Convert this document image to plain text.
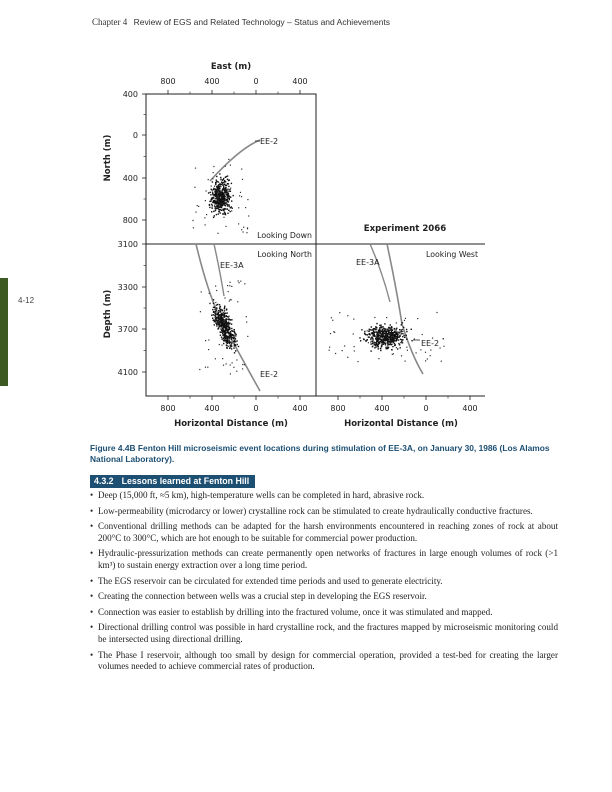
Chapter 4 Review of EGS and Related Technology – Status and Achievements
4-12
East (m)
800	400	0	400
North (m)
400
0
400
800
Depth (m)
3100
3300
3700
4100
800	400	0	400	800	400	0	400
Horizontal Distance (m)	Horizontal Distance (m)
Looking Down
Looking North	Looking West
Experiment 2066
EE-2
EE-3A
EE-2
EE-3A
EE-2
Figure 4.4B Fenton Hill microseismic event locations during stimulation of EE-3A, on January 30, 1986 (Los Alamos National Laboratory).
4.3.2 Lessons learned at Fenton Hill
• Deep (15,000 ft, ≈5 km), high-temperature wells can be completed in hard, abrasive rock.
• Low-permeability (microdarcy or lower) crystalline rock can be stimulated to create hydraulically conductive fractures.
• Conventional drilling methods can be adapted for the harsh environments encountered in reaching zones of rock at about 200°C to 300°C, which are hot enough to be suitable for commercial power production.
• Hydraulic-pressurization methods can create permanently open networks of fractures in large enough volumes of rock (>1 km³) to sustain energy extraction over a long time period.
• The EGS reservoir can be circulated for extended time periods and used to generate electricity.
• Creating the connection between wells was a crucial step in developing the EGS reservoir.
• Connection was easier to establish by drilling into the fractured volume, once it was stimulated and mapped.
• Directional drilling control was possible in hard crystalline rock, and the fractures mapped by microseismic monitoring could be intersected using directional drilling.
• The Phase I reservoir, although too small by design for commercial operation, provided a test-bed for creating the larger volumes needed to achieve commercial rates of production.
